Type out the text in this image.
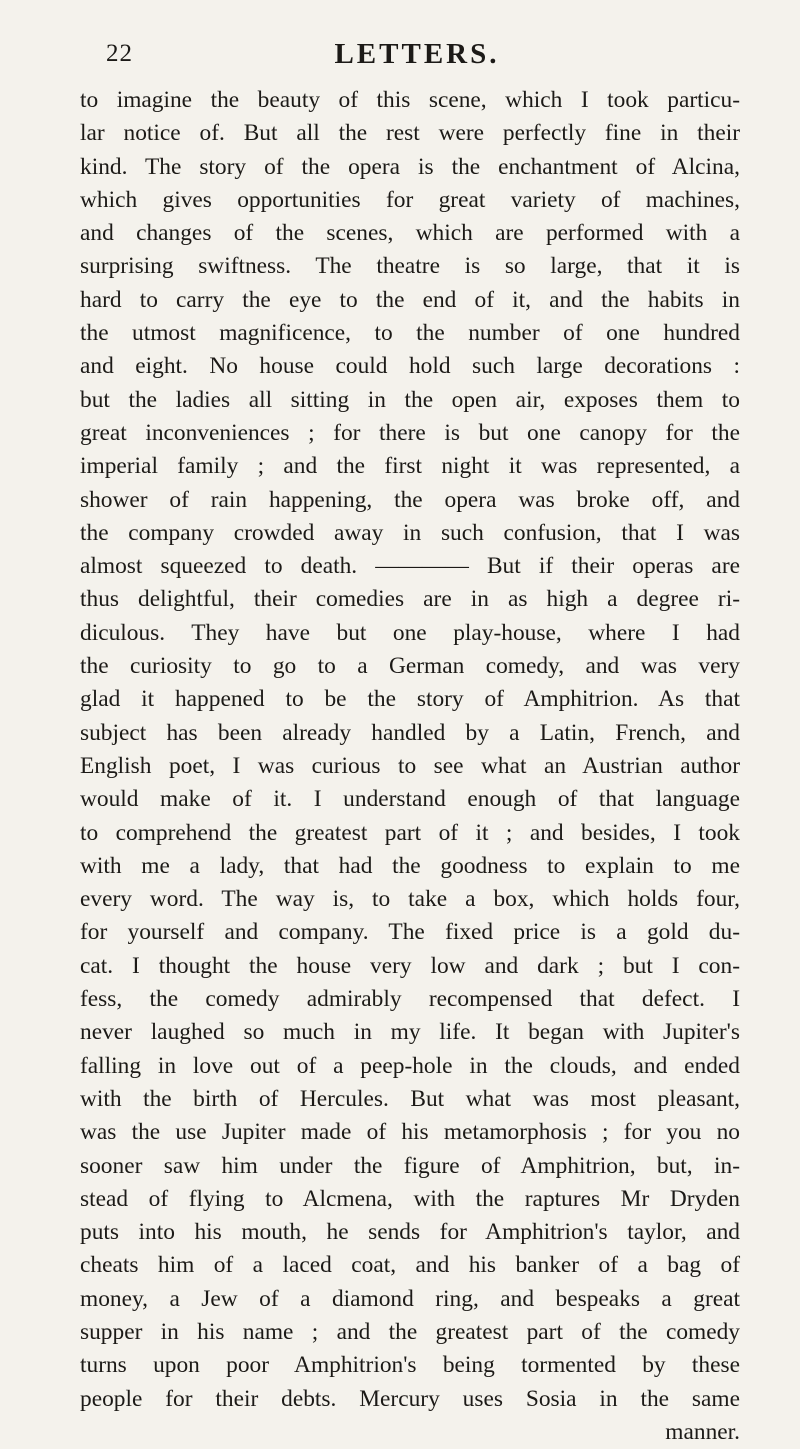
22	LETTERS.
to imagine the beauty of this scene, which I took particu-
lar notice of. But all the rest were perfectly fine in their
kind. The story of the opera is the enchantment of Alcina,
which gives opportunities for great variety of machines,
and changes of the scenes, which are performed with a
surprising swiftness. The theatre is so large, that it is
hard to carry the eye to the end of it, and the habits in
the utmost magnificence, to the number of one hundred
and eight. No house could hold such large decorations :
but the ladies all sitting in the open air, exposes them to
great inconveniences ; for there is but one canopy for the
imperial family ; and the first night it was represented, a
shower of rain happening, the opera was broke off, and
the company crowded away in such confusion, that I was
almost squeezed to death. ———— But if their operas are
thus delightful, their comedies are in as high a degree ri-
diculous. They have but one play-house, where I had
the curiosity to go to a German comedy, and was very
glad it happened to be the story of Amphitrion. As that
subject has been already handled by a Latin, French, and
English poet, I was curious to see what an Austrian author
would make of it. I understand enough of that language
to comprehend the greatest part of it ; and besides, I took
with me a lady, that had the goodness to explain to me
every word. The way is, to take a box, which holds four,
for yourself and company. The fixed price is a gold du-
cat. I thought the house very low and dark ; but I con-
fess, the comedy admirably recompensed that defect. I
never laughed so much in my life. It began with Jupiter's
falling in love out of a peep-hole in the clouds, and ended
with the birth of Hercules. But what was most pleasant,
was the use Jupiter made of his metamorphosis ; for you no
sooner saw him under the figure of Amphitrion, but, in-
stead of flying to Alcmena, with the raptures Mr Dryden
puts into his mouth, he sends for Amphitrion's taylor, and
cheats him of a laced coat, and his banker of a bag of
money, a Jew of a diamond ring, and bespeaks a great
supper in his name ; and the greatest part of the comedy
turns upon poor Amphitrion's being tormented by these
people for their debts. Mercury uses Sosia in the same
manner.
